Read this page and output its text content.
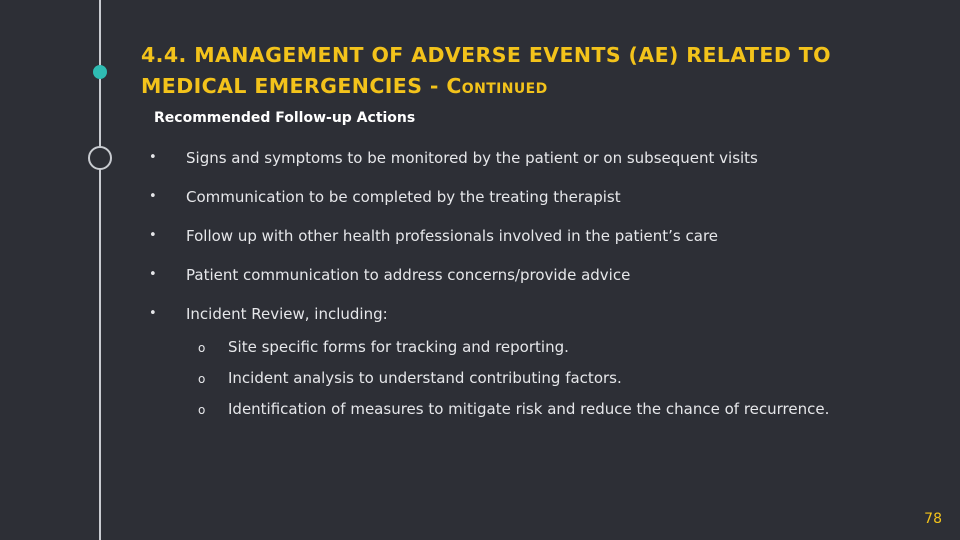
4.4. MANAGEMENT OF ADVERSE EVENTS (AE) RELATED TO MEDICAL EMERGENCIES - Continued

Recommended Follow-up Actions

• Signs and symptoms to be monitored by the patient or on subsequent visits
• Communication to be completed by the treating therapist
• Follow up with other health professionals involved in the patient’s care
• Patient communication to address concerns/provide advice
• Incident Review, including:
o Site specific forms for tracking and reporting.
o Incident analysis to understand contributing factors.
o Identification of measures to mitigate risk and reduce the chance of recurrence.
78
